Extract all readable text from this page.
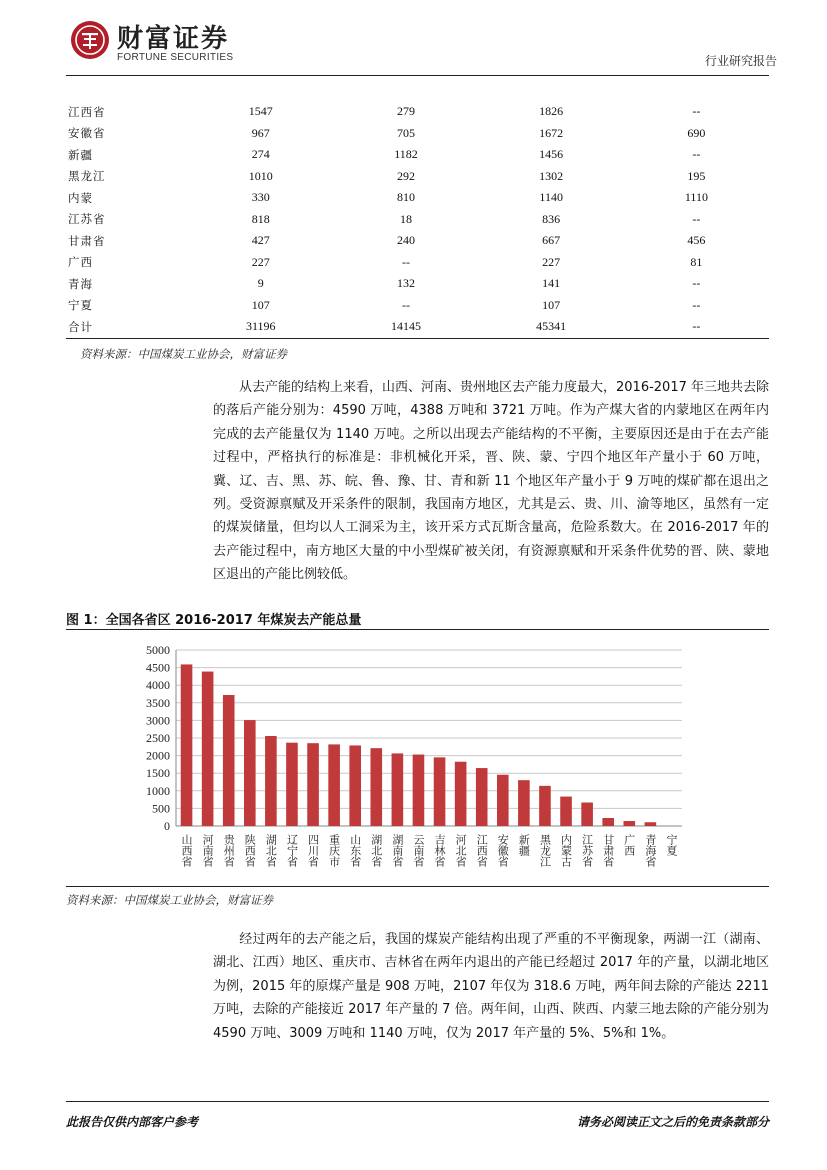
财富证券
FORTUNE SECURITIES	行业研究报告
江西省	1547	279	1826	--
安徽省	967	705	1672	690
新疆	274	1182	1456	--
黑龙江	1010	292	1302	195
内蒙	330	810	1140	1110
江苏省	818	18	836	--
甘肃省	427	240	667	456
广西	227	--	227	81
青海	9	132	141	--
宁夏	107	--	107	--
合计	31196	14145	45341	--
资料来源：中国煤炭工业协会，财富证券
从去产能的结构上来看，山西、河南、贵州地区去产能力度最大，2016-2017 年三地共去除的落后产能分别为：4590 万吨，4388 万吨和 3721 万吨。作为产煤大省的内蒙地区在两年内完成的去产能量仅为 1140 万吨。之所以出现去产能结构的不平衡，主要原因还是由于在去产能过程中，严格执行的标准是：非机械化开采，晋、陕、蒙、宁四个地区年产量小于 60 万吨，冀、辽、吉、黑、苏、皖、鲁、豫、甘、青和新 11 个地区年产量小于 9 万吨的煤矿都在退出之列。受资源禀赋及开采条件的限制，我国南方地区，尤其是云、贵、川、渝等地区，虽然有一定的煤炭储量，但均以人工洞采为主，该开采方式瓦斯含量高，危险系数大。在 2016-2017 年的去产能过程中，南方地区大量的中小型煤矿被关闭，有资源禀赋和开采条件优势的晋、陕、蒙地区退出的产能比例较低。
图 1：全国各省区 2016-2017 年煤炭去产能总量
0
500
1000
1500
2000
2500
3000
3500
4000
4500
5000
山西省 河南省 贵州省 陕西省 湖北省 辽宁省 四川省 重庆市 山东省 湖北省 湖南省 云南省 吉林省 河北省 江西省 安徽省 新疆 黑龙江 内蒙古 江苏省 甘肃省 广西 青海省 宁夏
资料来源：中国煤炭工业协会，财富证券
经过两年的去产能之后，我国的煤炭产能结构出现了严重的不平衡现象，两湖一江（湖南、湖北、江西）地区、重庆市、吉林省在两年内退出的产能已经超过 2017 年的产量，以湖北地区为例，2015 年的原煤产量是 908 万吨，2107 年仅为 318.6 万吨，两年间去除的产能达 2211 万吨，去除的产能接近 2017 年产量的 7 倍。两年间，山西、陕西、内蒙三地去除的产能分别为 4590 万吨、3009 万吨和 1140 万吨，仅为 2017 年产量的 5%、5%和 1%。
此报告仅供内部客户参考	请务必阅读正文之后的免责条款部分
